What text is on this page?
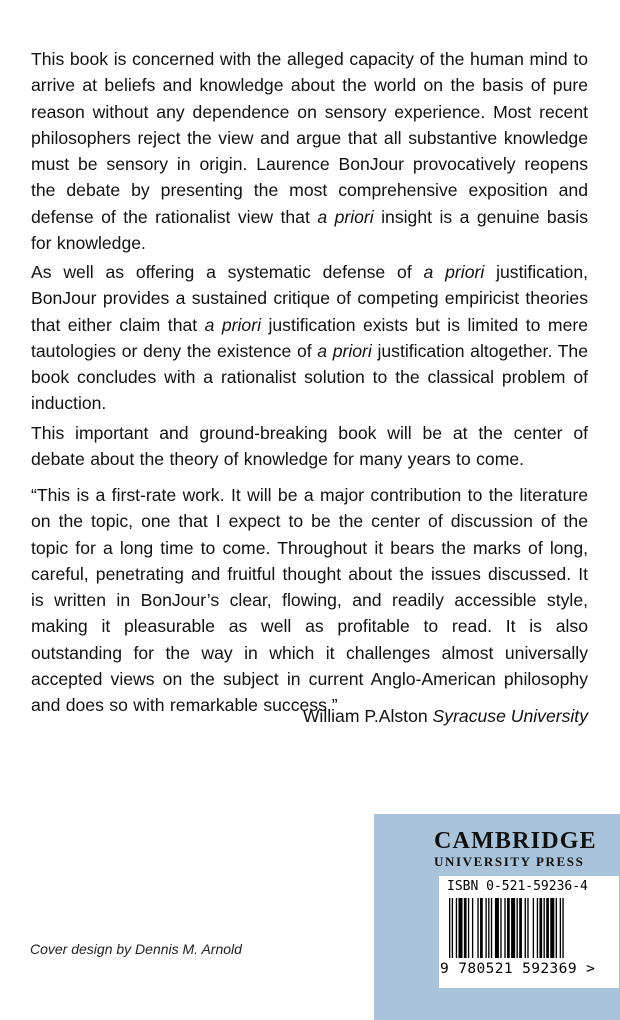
This book is concerned with the alleged capacity of the human mind to arrive at beliefs and knowledge about the world on the basis of pure reason without any dependence on sensory experience. Most recent philosophers reject the view and argue that all substantive knowledge must be sensory in origin. Laurence BonJour provocatively reopens the debate by presenting the most comprehensive exposition and defense of the rationalist view that a priori insight is a genuine basis for knowledge.

As well as offering a systematic defense of a priori justification, BonJour provides a sustained critique of competing empiricist theories that either claim that a priori justification exists but is limited to mere tautologies or deny the existence of a priori justification altogether. The book concludes with a rationalist solution to the classical problem of induction.

This important and ground-breaking book will be at the center of debate about the theory of knowledge for many years to come.

“This is a first-rate work. It will be a major contribution to the literature on the topic, one that I expect to be the center of discussion of the topic for a long time to come. Throughout it bears the marks of long, careful, penetrating and fruitful thought about the issues discussed. It is written in BonJour’s clear, flowing, and readily accessible style, making it pleasurable as well as profitable to read. It is also outstanding for the way in which it challenges almost universally accepted views on the subject in current Anglo-American philosophy and does so with remarkable success.”

William P.Alston Syracuse University
Cover design by Dennis M. Arnold
CAMBRIDGE
UNIVERSITY PRESS
ISBN 0-521-59236-4
9 780521 592369 >
